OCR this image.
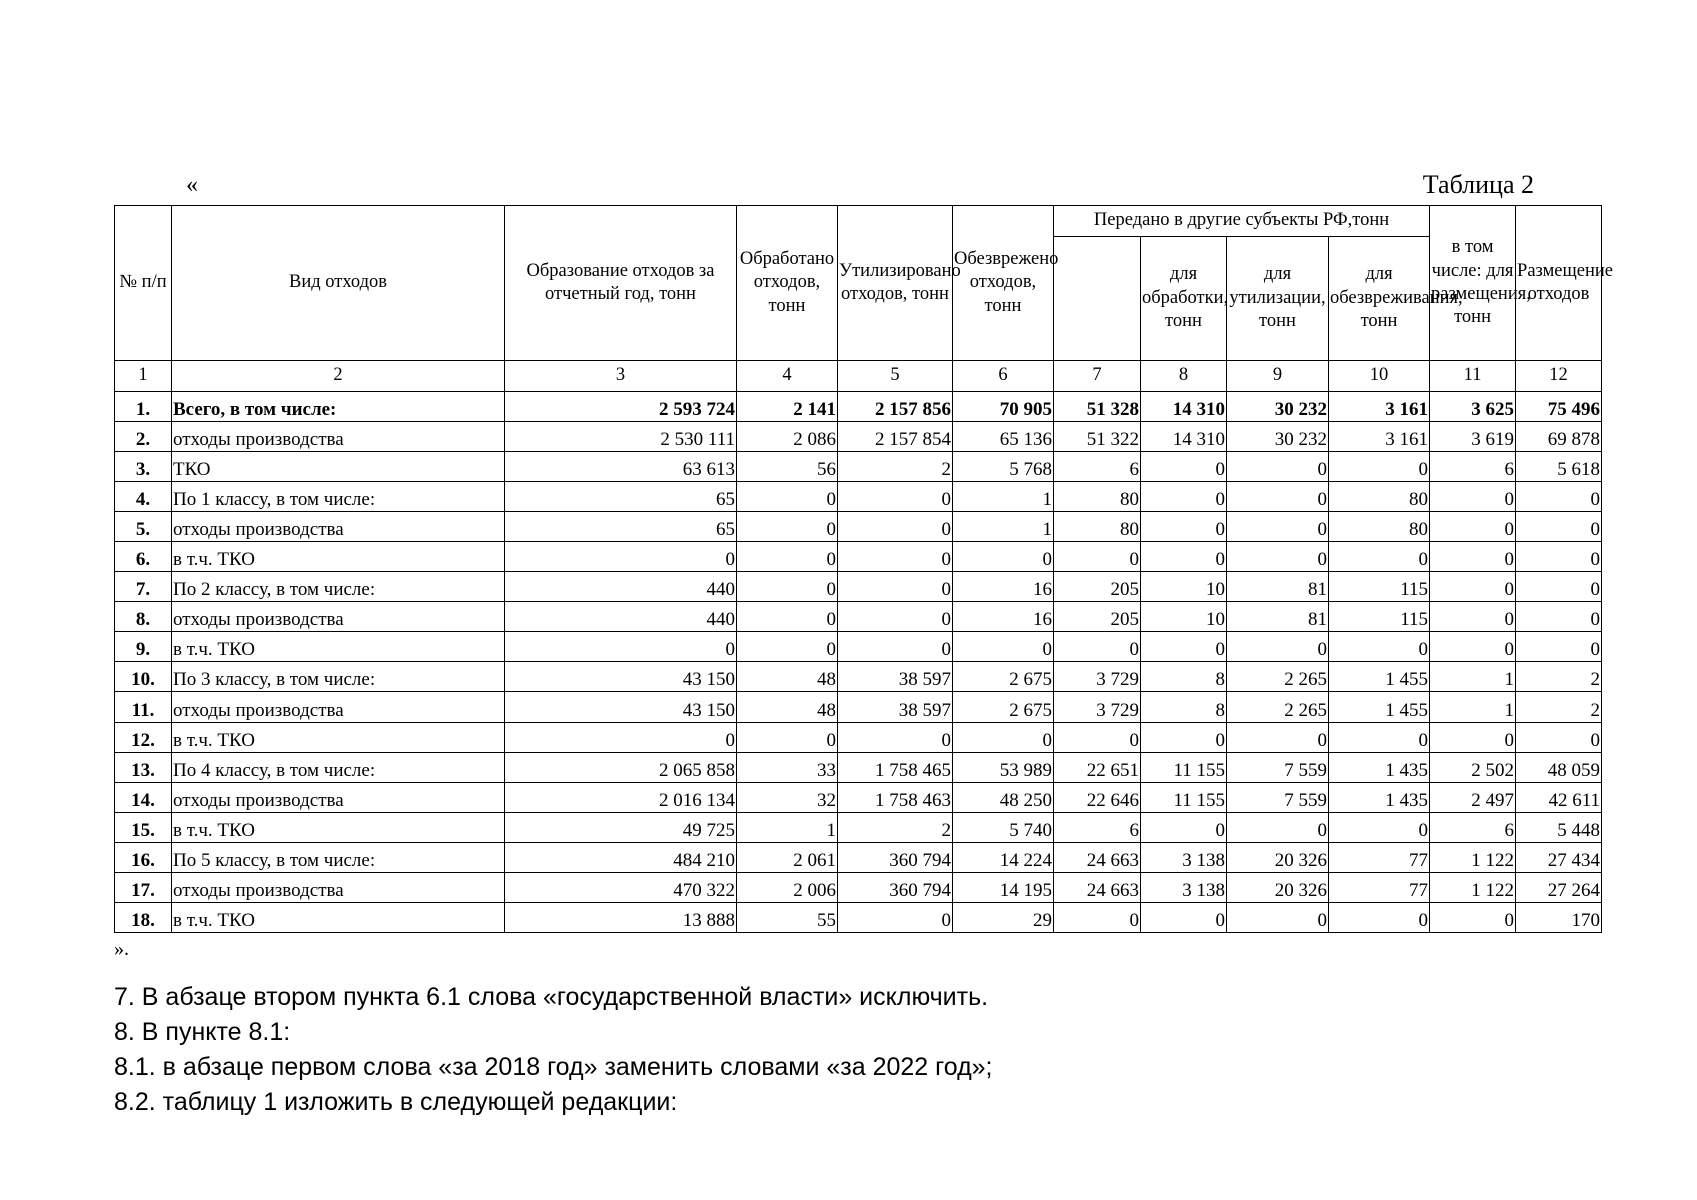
«	Таблица 2
№ п/п	Вид отходов	Образование отходов за отчетный год, тонн	Обработано отходов, тонн	Утилизировано отходов, тонн	Обезврежено отходов, тонн	Передано в другие субъекты РФ,тонн				в том числе: для размещения, тонн	Размещение отходов
							для обработки, тонн	для утилизации, тонн	для обезвреживания, тонн		
1	2	3	4	5	6	7	8	9	10	11	12
1.	Всего, в том числе:	2 593 724	2 141	2 157 856	70 905	51 328	14 310	30 232	3 161	3 625	75 496
2.	отходы производства	2 530 111	2 086	2 157 854	65 136	51 322	14 310	30 232	3 161	3 619	69 878
3.	ТКО	63 613	56	2	5 768	6	0	0	0	6	5 618
4.	По 1 классу, в том числе:	65	0	0	1	80	0	0	80	0	0
5.	отходы производства	65	0	0	1	80	0	0	80	0	0
6.	в т.ч. ТКО	0	0	0	0	0	0	0	0	0	0
7.	По 2 классу, в том числе:	440	0	0	16	205	10	81	115	0	0
8.	отходы производства	440	0	0	16	205	10	81	115	0	0
9.	в т.ч. ТКО	0	0	0	0	0	0	0	0	0	0
10.	По 3 классу, в том числе:	43 150	48	38 597	2 675	3 729	8	2 265	1 455	1	2
11.	отходы производства	43 150	48	38 597	2 675	3 729	8	2 265	1 455	1	2
12.	в т.ч. ТКО	0	0	0	0	0	0	0	0	0	0
13.	По 4 классу, в том числе:	2 065 858	33	1 758 465	53 989	22 651	11 155	7 559	1 435	2 502	48 059
14.	отходы производства	2 016 134	32	1 758 463	48 250	22 646	11 155	7 559	1 435	2 497	42 611
15.	в т.ч. ТКО	49 725	1	2	5 740	6	0	0	0	6	5 448
16.	По 5 классу, в том числе:	484 210	2 061	360 794	14 224	24 663	3 138	20 326	77	1 122	27 434
17.	отходы производства	470 322	2 006	360 794	14 195	24 663	3 138	20 326	77	1 122	27 264
18.	в т.ч. ТКО	13 888	55	0	29	0	0	0	0	0	170
».

7. В абзаце втором пункта 6.1 слова «государственной власти» исключить.

8. В пункте 8.1:

8.1. в абзаце первом слова «за 2018 год» заменить словами «за 2022 год»;

8.2. таблицу 1 изложить в следующей редакции:
